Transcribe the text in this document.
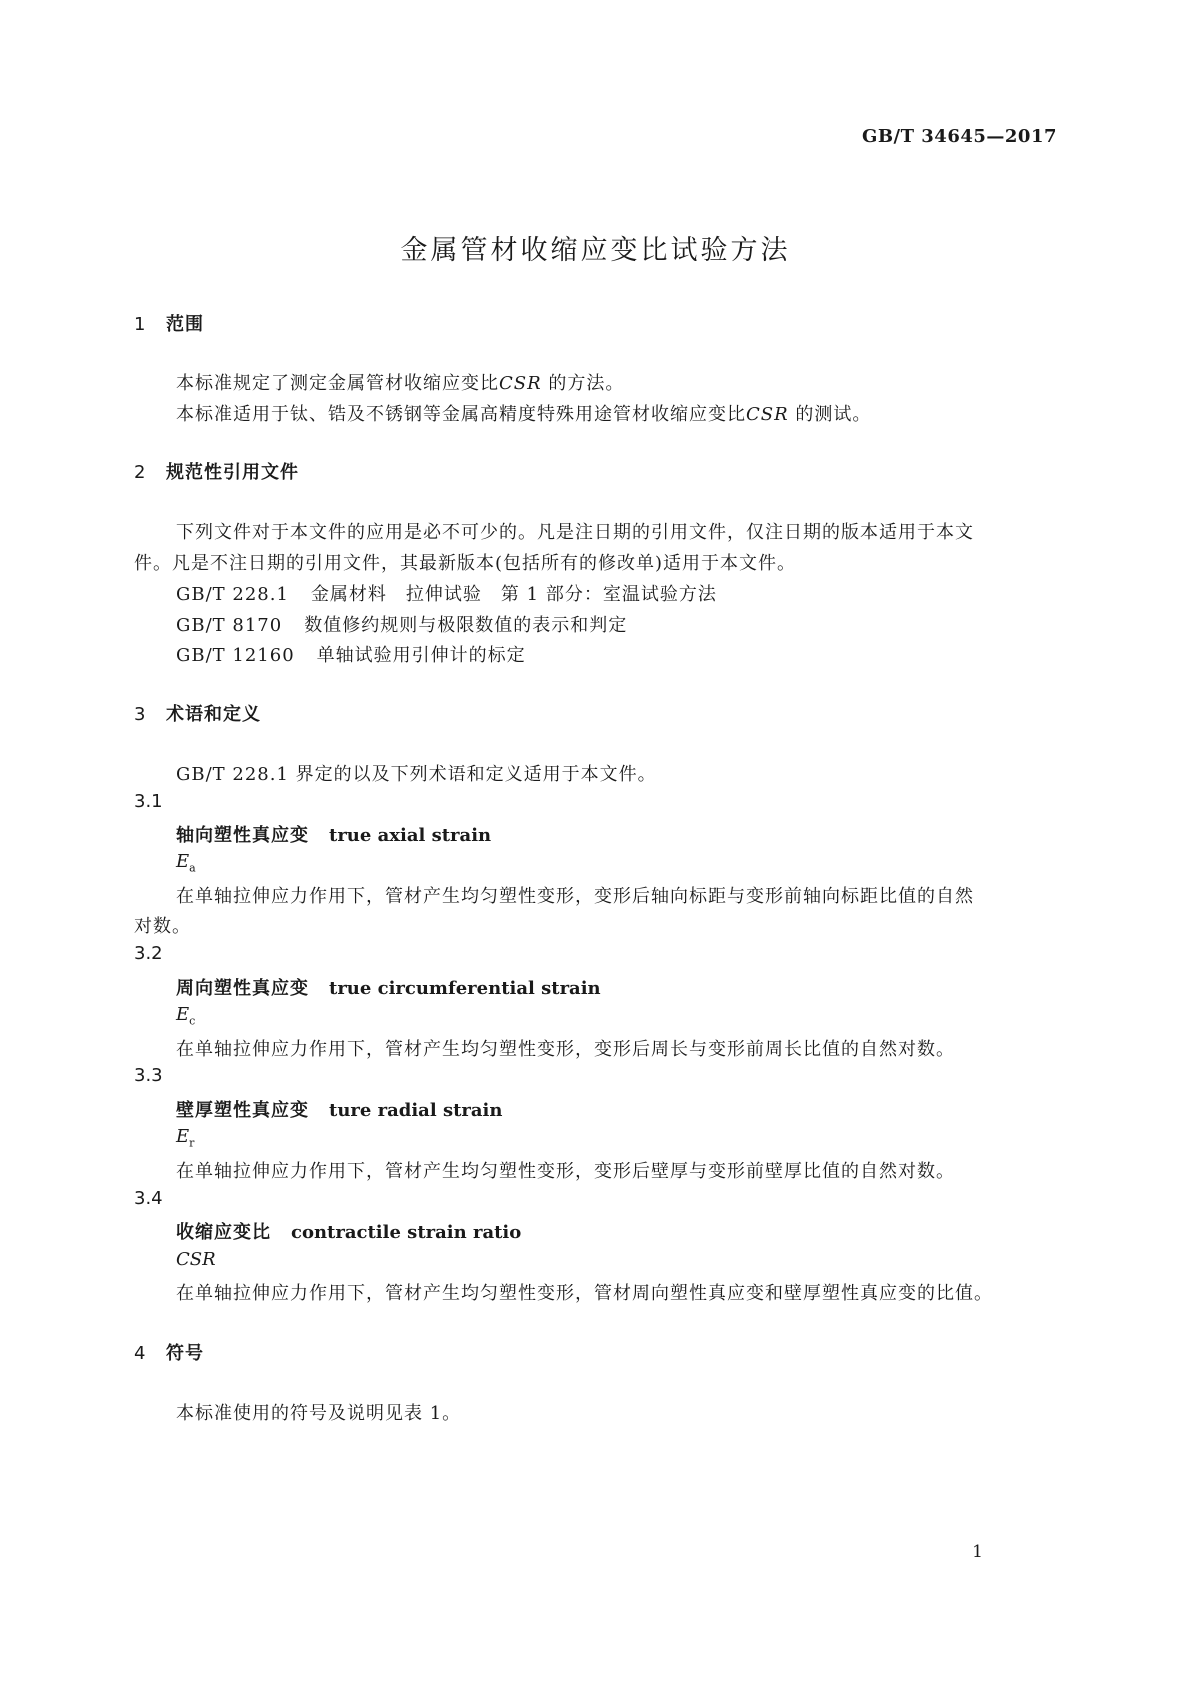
GB/T 34645—2017
金属管材收缩应变比试验方法
1 范围
本标准规定了测定金属管材收缩应变比CSR 的方法。
本标准适用于钛、锆及不锈钢等金属高精度特殊用途管材收缩应变比CSR 的测试。
2 规范性引用文件
下列文件对于本文件的应用是必不可少的。凡是注日期的引用文件，仅注日期的版本适用于本文
件。凡是不注日期的引用文件，其最新版本(包括所有的修改单)适用于本文件。
GB/T 228.1 金属材料　拉伸试验　第 1 部分：室温试验方法
GB/T 8170 数值修约规则与极限数值的表示和判定
GB/T 12160 单轴试验用引伸计的标定
3 术语和定义
GB/T 228.1 界定的以及下列术语和定义适用于本文件。
3.1
轴向塑性真应变 true axial strain
$E_a$
在单轴拉伸应力作用下，管材产生均匀塑性变形，变形后轴向标距与变形前轴向标距比值的自然
对数。
3.2
周向塑性真应变 true circumferential strain
$E_c$
在单轴拉伸应力作用下，管材产生均匀塑性变形，变形后周长与变形前周长比值的自然对数。
3.3
壁厚塑性真应变 ture radial strain
$E_r$
在单轴拉伸应力作用下，管材产生均匀塑性变形，变形后壁厚与变形前壁厚比值的自然对数。
3.4
收缩应变比 contractile strain ratio
CSR
在单轴拉伸应力作用下，管材产生均匀塑性变形，管材周向塑性真应变和壁厚塑性真应变的比值。
4 符号
本标准使用的符号及说明见表 1。
1
